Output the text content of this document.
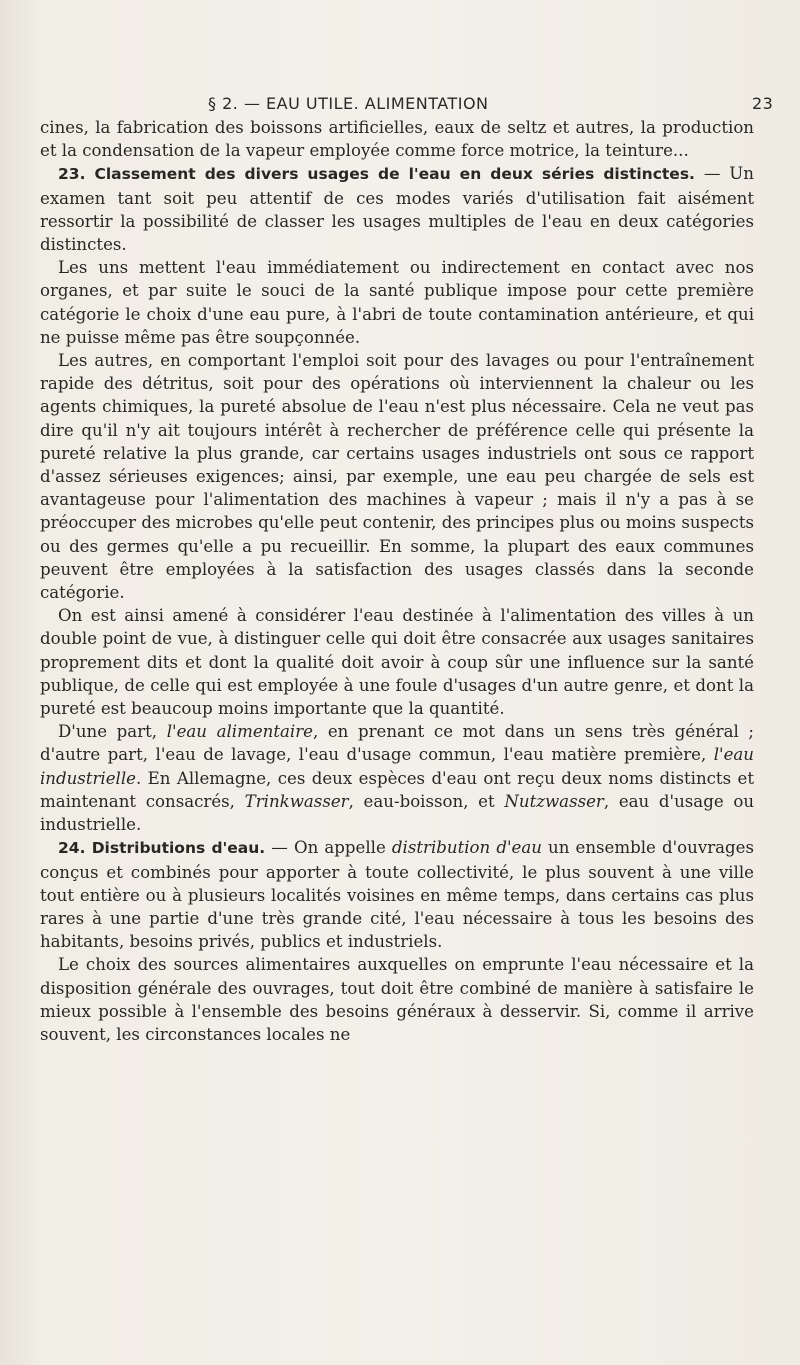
§ 2. — EAU UTILE. ALIMENTATION	23

cines, la fabrication des boissons artificielles, eaux de seltz et autres, la production et la condensation de la vapeur employée comme force motrice, la teinture...

23. Classement des divers usages de l'eau en deux séries distinctes. — Un examen tant soit peu attentif de ces modes variés d'utilisation fait aisément ressortir la possibilité de classer les usages multiples de l'eau en deux catégories distinctes.

Les uns mettent l'eau immédiatement ou indirectement en contact avec nos organes, et par suite le souci de la santé publique impose pour cette première catégorie le choix d'une eau pure, à l'abri de toute contamination antérieure, et qui ne puisse même pas être soupçonnée.

Les autres, en comportant l'emploi soit pour des lavages ou pour l'entraînement rapide des détritus, soit pour des opérations où interviennent la chaleur ou les agents chimiques, la pureté absolue de l'eau n'est plus nécessaire. Cela ne veut pas dire qu'il n'y ait toujours intérêt à rechercher de préférence celle qui présente la pureté relative la plus grande, car certains usages industriels ont sous ce rapport d'assez sérieuses exigences; ainsi, par exemple, une eau peu chargée de sels est avantageuse pour l'alimentation des machines à vapeur ; mais il n'y a pas à se préoccuper des microbes qu'elle peut contenir, des principes plus ou moins suspects ou des germes qu'elle a pu recueillir. En somme, la plupart des eaux communes peuvent être employées à la satisfaction des usages classés dans la seconde catégorie.

On est ainsi amené à considérer l'eau destinée à l'alimentation des villes à un double point de vue, à distinguer celle qui doit être consacrée aux usages sanitaires proprement dits et dont la qualité doit avoir à coup sûr une influence sur la santé publique, de celle qui est employée à une foule d'usages d'un autre genre, et dont la pureté est beaucoup moins importante que la quantité.

D'une part, l'eau alimentaire, en prenant ce mot dans un sens très général ; d'autre part, l'eau de lavage, l'eau d'usage commun, l'eau matière première, l'eau industrielle. En Allemagne, ces deux espèces d'eau ont reçu deux noms distincts et maintenant consacrés, Trinkwasser, eau-boisson, et Nutzwasser, eau d'usage ou industrielle.

24. Distributions d'eau. — On appelle distribution d'eau un ensemble d'ouvrages conçus et combinés pour apporter à toute collectivité, le plus souvent à une ville tout entière ou à plusieurs localités voisines en même temps, dans certains cas plus rares à une partie d'une très grande cité, l'eau nécessaire à tous les besoins des habitants, besoins privés, publics et industriels.

Le choix des sources alimentaires auxquelles on emprunte l'eau nécessaire et la disposition générale des ouvrages, tout doit être combiné de manière à satisfaire le mieux possible à l'ensemble des besoins généraux à desservir. Si, comme il arrive souvent, les circonstances locales ne
